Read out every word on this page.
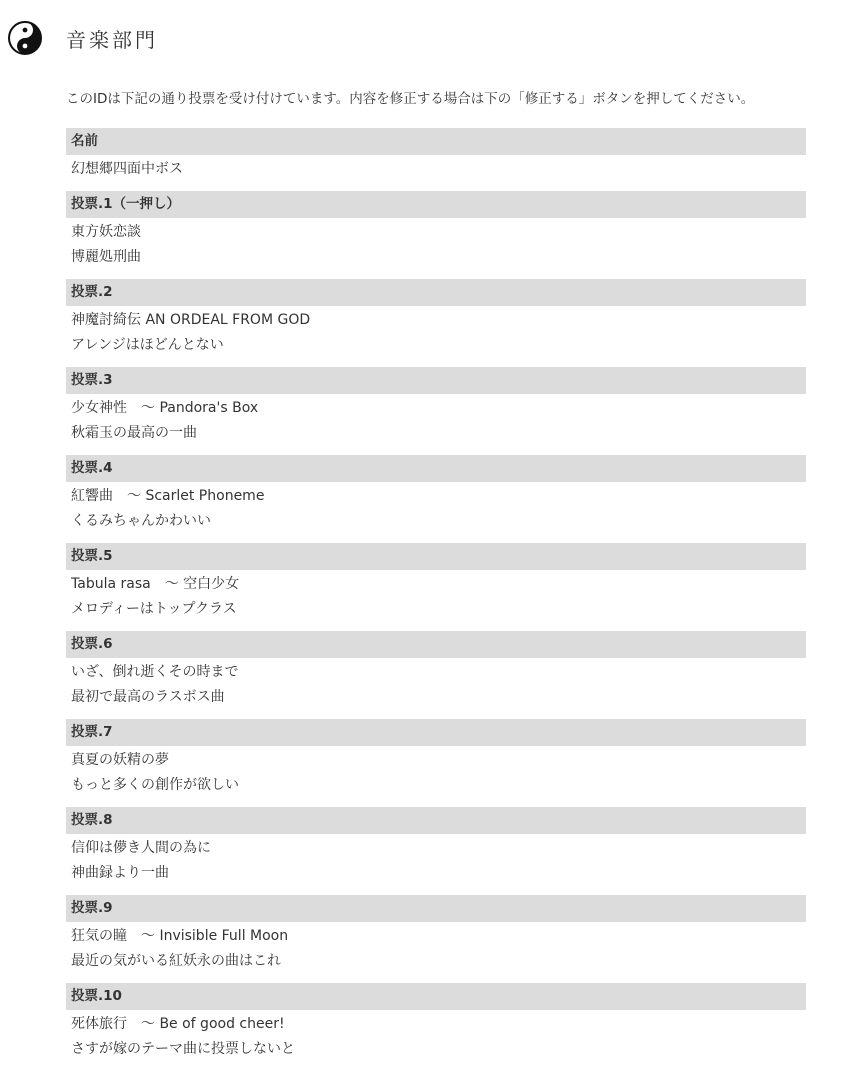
音楽部門
このIDは下記の通り投票を受け付けています。内容を修正する場合は下の「修正する」ボタンを押してください。
名前
幻想郷四面中ボス
投票.1（一押し）
東方妖恋談
博麗処刑曲
投票.2
神魔討綺伝 AN ORDEAL FROM GOD
アレンジはほどんとない
投票.3
少女神性　～ Pandora's Box
秋霜玉の最高の一曲
投票.4
紅響曲　～ Scarlet Phoneme
くるみちゃんかわいい
投票.5
Tabula rasa　～ 空白少女
メロディーはトップクラス
投票.6
いざ、倒れ逝くその時まで
最初で最高のラスボス曲
投票.7
真夏の妖精の夢
もっと多くの創作が欲しい
投票.8
信仰は儚き人間の為に
神曲録より一曲
投票.9
狂気の瞳　～ Invisible Full Moon
最近の気がいる紅妖永の曲はこれ
投票.10
死体旅行　～ Be of good cheer!
さすが嫁のテーマ曲に投票しないと
